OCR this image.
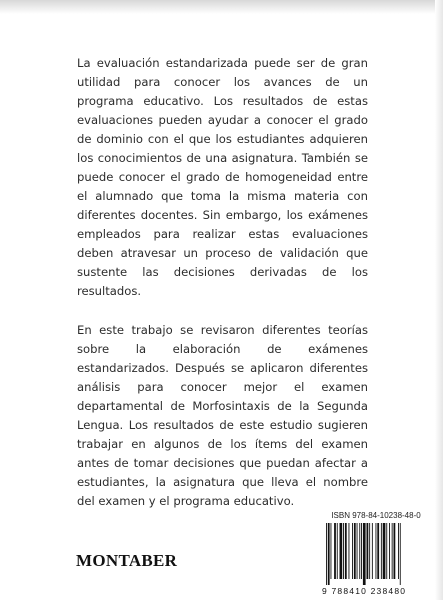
La evaluación estandarizada puede ser de gran utilidad para conocer los avances de un programa educativo. Los resultados de estas evaluaciones pueden ayudar a conocer el grado de dominio con el que los estudiantes adquieren los conocimientos de una asignatura. También se puede conocer el grado de homogeneidad entre el alumnado que toma la misma materia con diferentes docentes. Sin embargo, los exámenes empleados para realizar estas evaluaciones deben atravesar un proceso de validación que sustente las decisiones derivadas de los resultados.

En este trabajo se revisaron diferentes teorías sobre la elaboración de exámenes estandarizados. Después se aplicaron diferentes análisis para conocer mejor el examen departamental de Morfosintaxis de la Segunda Lengua. Los resultados de este estudio sugieren trabajar en algunos de los ítems del examen antes de tomar decisiones que puedan afectar a estudiantes, la asignatura que lleva el nombre del examen y el programa educativo.

ISBN 978-84-10238-48-0
9 788410 238480
MONTABER
